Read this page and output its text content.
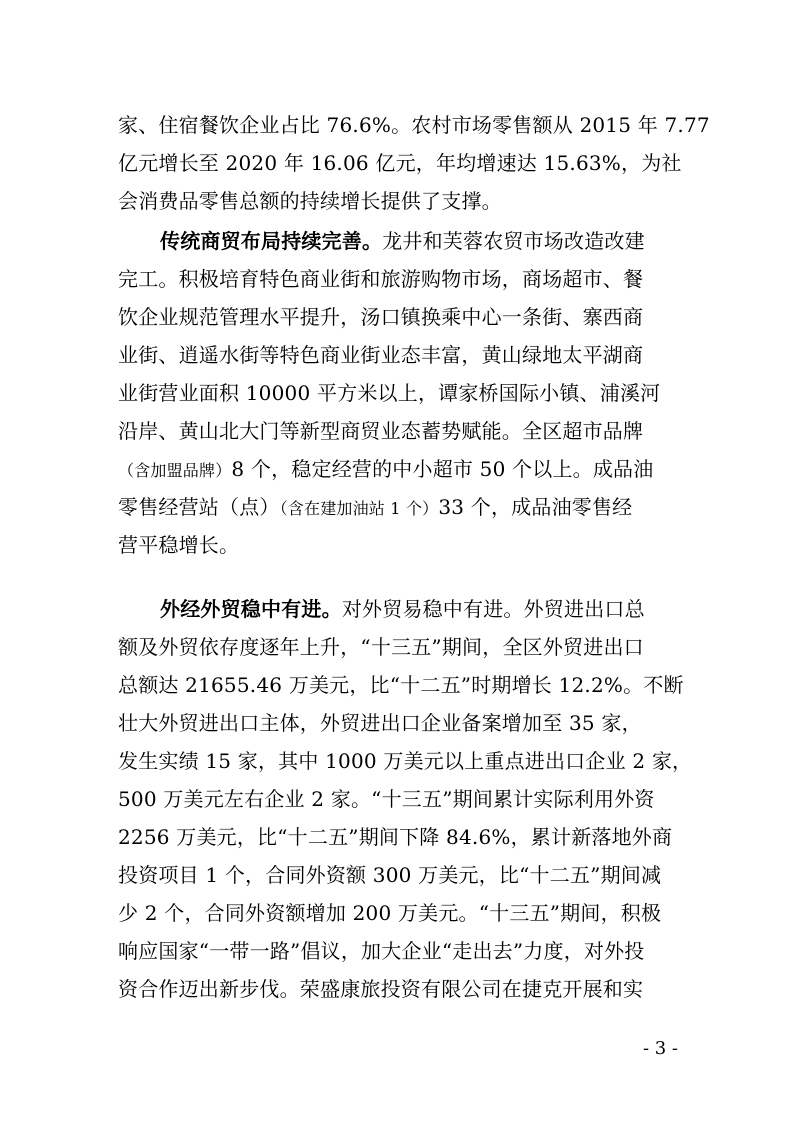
家、住宿餐饮企业占比 76.6%。农村市场零售额从 2015 年 7.77
亿元增长至 2020 年 16.06 亿元，年均增速达 15.63%，为社
会消费品零售总额的持续增长提供了支撑。
传统商贸布局持续完善。龙井和芙蓉农贸市场改造改建
完工。积极培育特色商业街和旅游购物市场，商场超市、餐
饮企业规范管理水平提升，汤口镇换乘中心一条街、寨西商
业街、逍遥水街等特色商业街业态丰富，黄山绿地太平湖商
业街营业面积 10000 平方米以上，谭家桥国际小镇、浦溪河
沿岸、黄山北大门等新型商贸业态蓄势赋能。全区超市品牌
（含加盟品牌）8 个，稳定经营的中小超市 50 个以上。成品油
零售经营站（点）（含在建加油站 1 个）33 个，成品油零售经
营平稳增长。
外经外贸稳中有进。对外贸易稳中有进。外贸进出口总
额及外贸依存度逐年上升，“十三五”期间，全区外贸进出口
总额达 21655.46 万美元，比“十二五”时期增长 12.2%。不断
壮大外贸进出口主体，外贸进出口企业备案增加至 35 家，
发生实绩 15 家，其中 1000 万美元以上重点进出口企业 2 家，
500 万美元左右企业 2 家。“十三五”期间累计实际利用外资
2256 万美元，比“十二五”期间下降 84.6%，累计新落地外商
投资项目 1 个，合同外资额 300 万美元，比“十二五”期间减
少 2 个，合同外资额增加 200 万美元。“十三五”期间，积极
响应国家“一带一路”倡议，加大企业“走出去”力度，对外投
资合作迈出新步伐。荣盛康旅投资有限公司在捷克开展和实
- 3 -
